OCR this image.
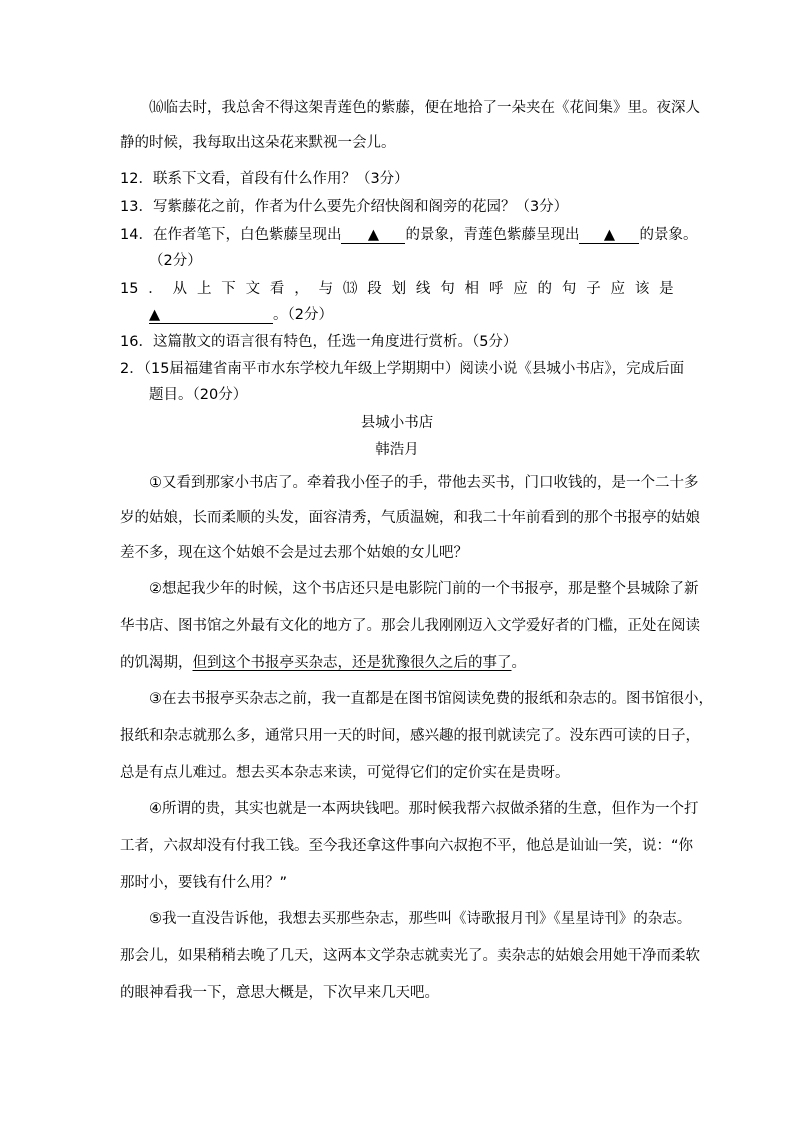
⒃临去时，我总舍不得这架青莲色的紫藤，便在地拾了一朵夹在《花间集》里。夜深人
静的时候，我每取出这朵花来默视一会儿。
12．联系下文看，首段有什么作用？（3分）
13．写紫藤花之前，作者为什么要先介绍快阁和阁旁的花园？（3分）
14．在作者笔下，白色紫藤呈现出 ▲ 的景象，青莲色紫藤呈现出 ▲ 的景象。
（2分）
15 ． 从 上 下 文 看 ， 与 ⒀ 段 划 线 句 相 呼 应 的 句 子 应 该 是
▲	。（2分）
16．这篇散文的语言很有特色，任选一角度进行赏析。（5分）
2．（15届福建省南平市水东学校九年级上学期期中）阅读小说《县城小书店》，完成后面
题目。（20分）
县城小书店
韩浩月
①又看到那家小书店了。牵着我小侄子的手，带他去买书，门口收钱的，是一个二十多
岁的姑娘，长而柔顺的头发，面容清秀，气质温婉，和我二十年前看到的那个书报亭的姑娘
差不多，现在这个姑娘不会是过去那个姑娘的女儿吧？
②想起我少年的时候，这个书店还只是电影院门前的一个书报亭，那是整个县城除了新
华书店、图书馆之外最有文化的地方了。那会儿我刚刚迈入文学爱好者的门槛，正处在阅读
的饥渴期，但到这个书报亭买杂志，还是犹豫很久之后的事了。
③在去书报亭买杂志之前，我一直都是在图书馆阅读免费的报纸和杂志的。图书馆很小，
报纸和杂志就那么多，通常只用一天的时间，感兴趣的报刊就读完了。没东西可读的日子，
总是有点儿难过。想去买本杂志来读，可觉得它们的定价实在是贵呀。
④所谓的贵，其实也就是一本两块钱吧。那时候我帮六叔做杀猪的生意，但作为一个打
工者，六叔却没有付我工钱。至今我还拿这件事向六叔抱不平，他总是讪讪一笑，说：“你
那时小，要钱有什么用？”
⑤我一直没告诉他，我想去买那些杂志，那些叫《诗歌报月刊》《星星诗刊》的杂志。
那会儿，如果稍稍去晚了几天，这两本文学杂志就卖光了。卖杂志的姑娘会用她干净而柔软
的眼神看我一下，意思大概是，下次早来几天吧。
